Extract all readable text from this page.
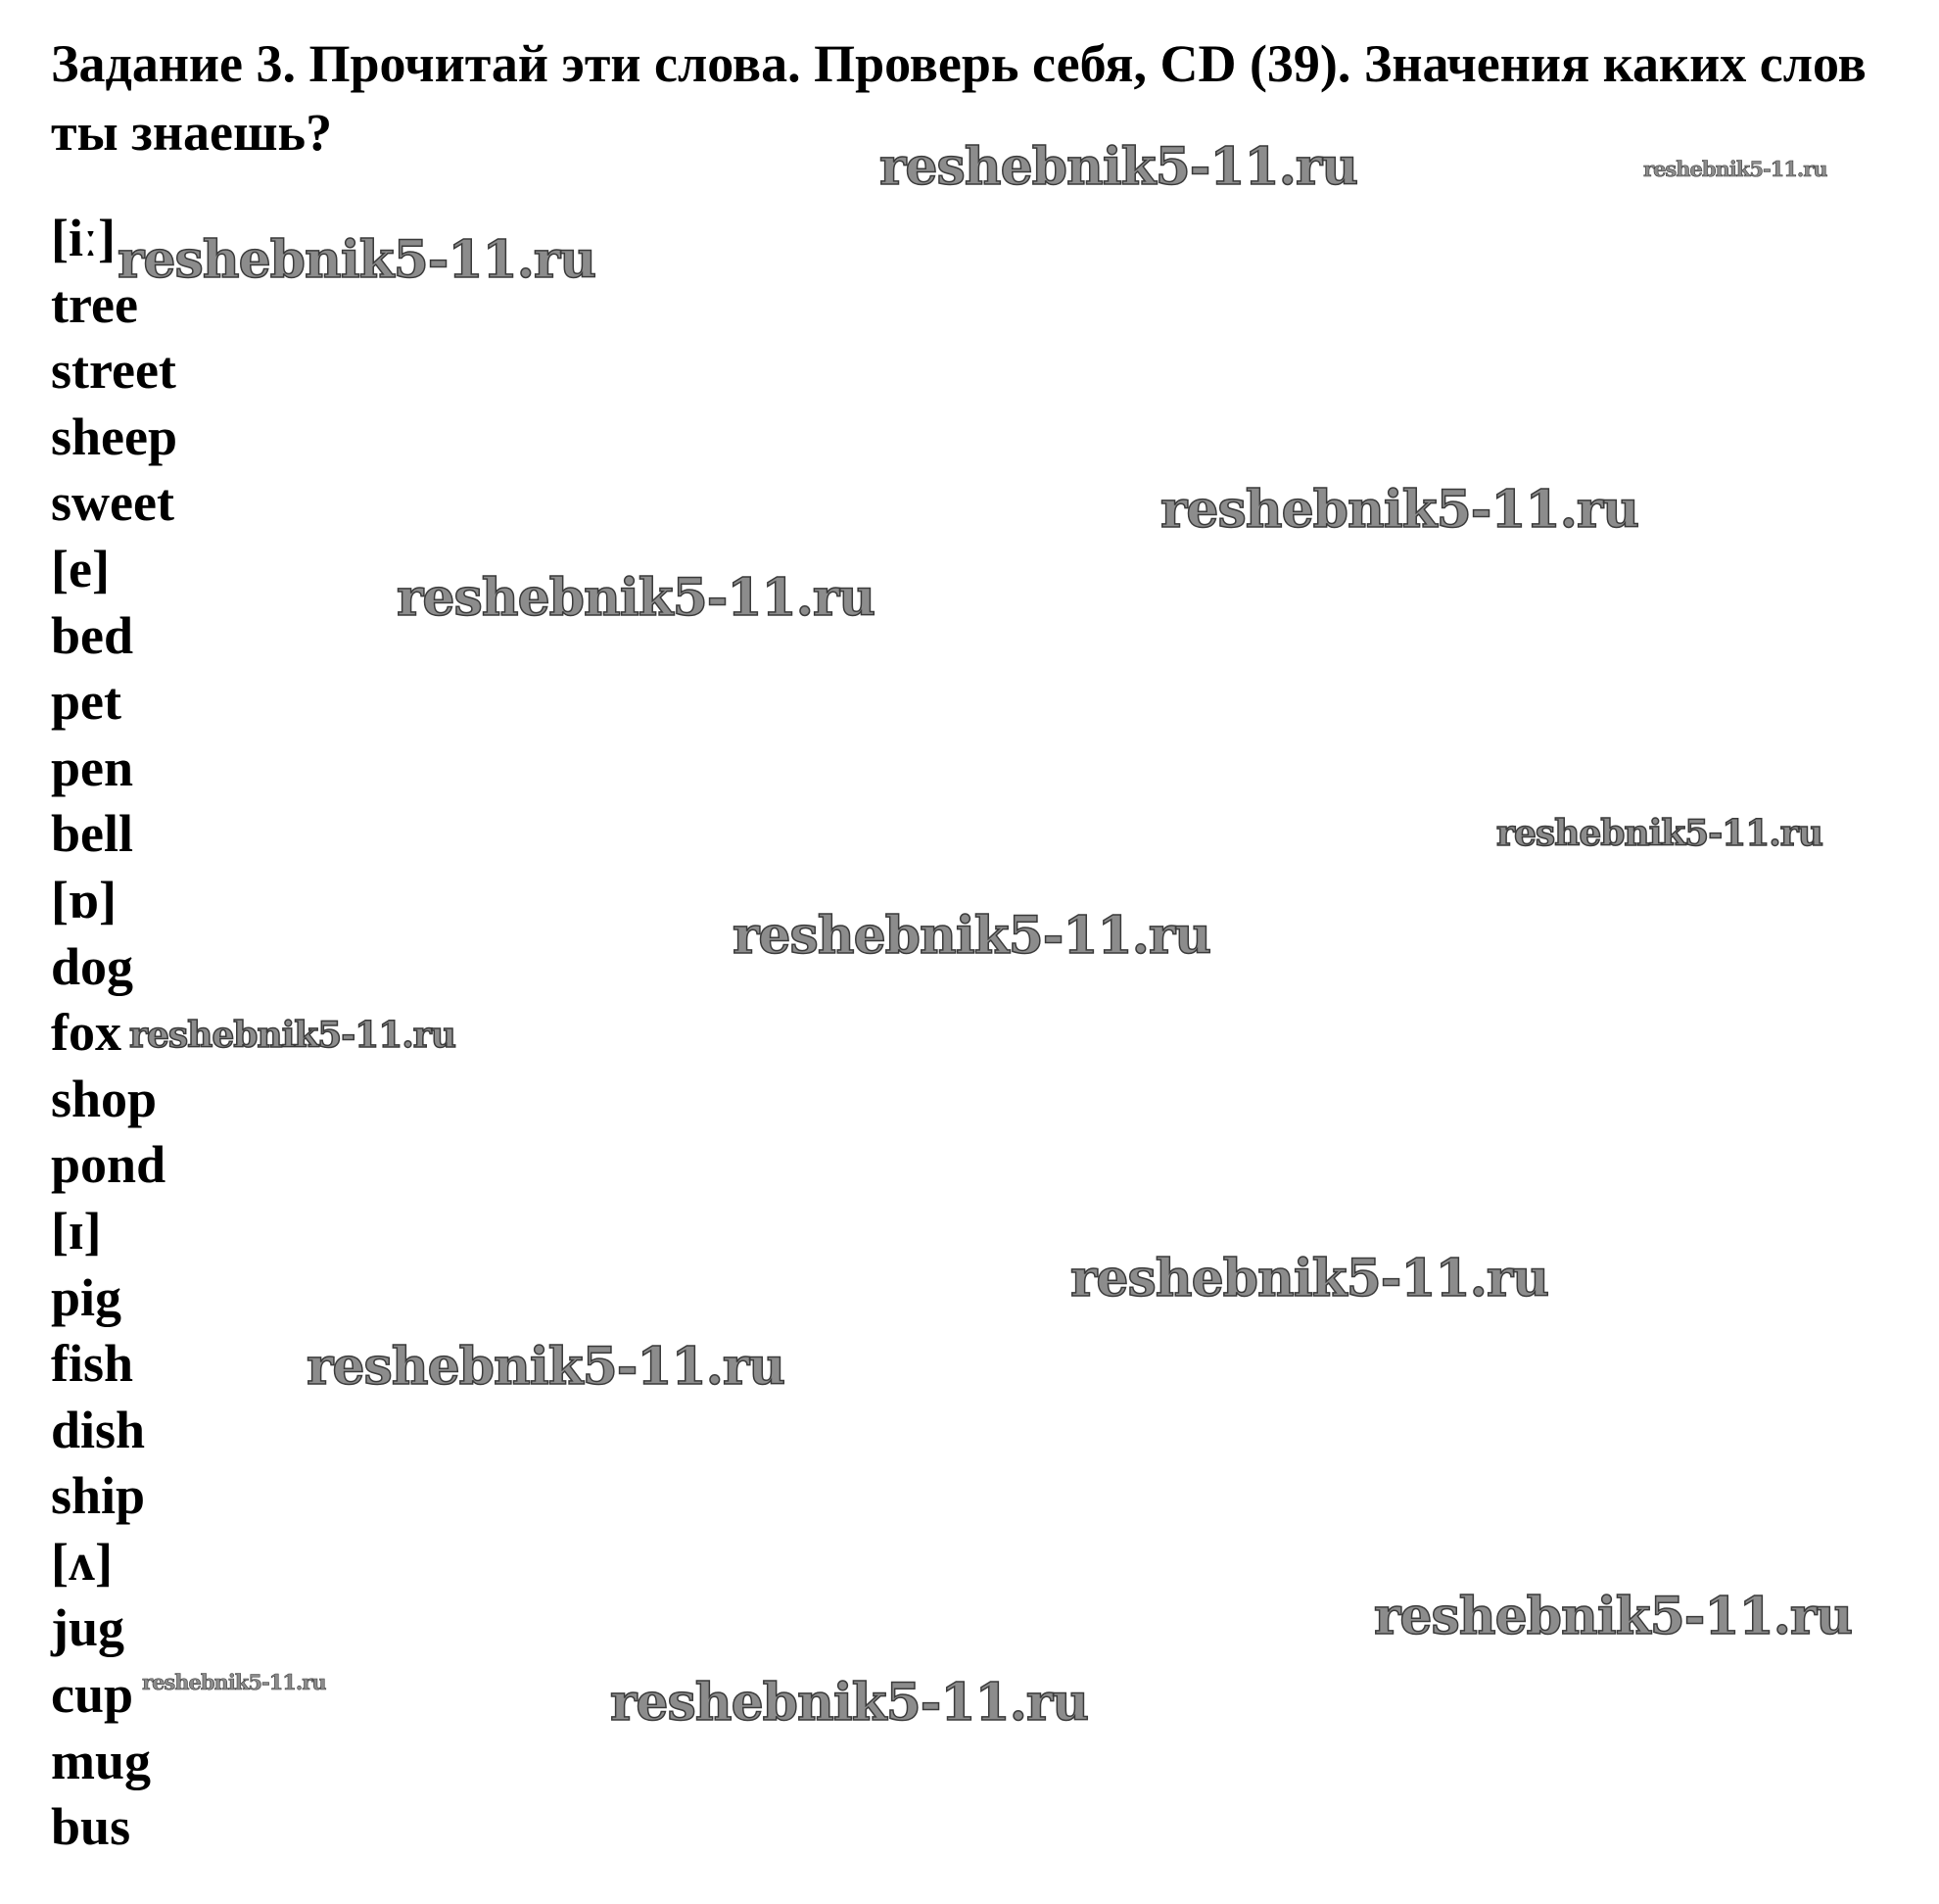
Задание 3. Прочитай эти слова. Проверь себя, CD (39). Значения каких слов ты знаешь?

[iː]
tree
street
sheep
sweet
[e]
bed
pet
pen
bell
[ɒ]
dog
fox
shop
pond
[ɪ]
pig
fish
dish
ship
[ʌ]
jug
cup
mug
bus
reshebnik5-11.ru	reshebnik5-11.ru
reshebnik5-11.ru
reshebnik5-11.ru
reshebnik5-11.ru
reshebnik5-11.ru
reshebnik5-11.ru
reshebnik5-11.ru
reshebnik5-11.ru
reshebnik5-11.ru
reshebnik5-11.ru
reshebnik5-11.ru	reshebnik5-11.ru
